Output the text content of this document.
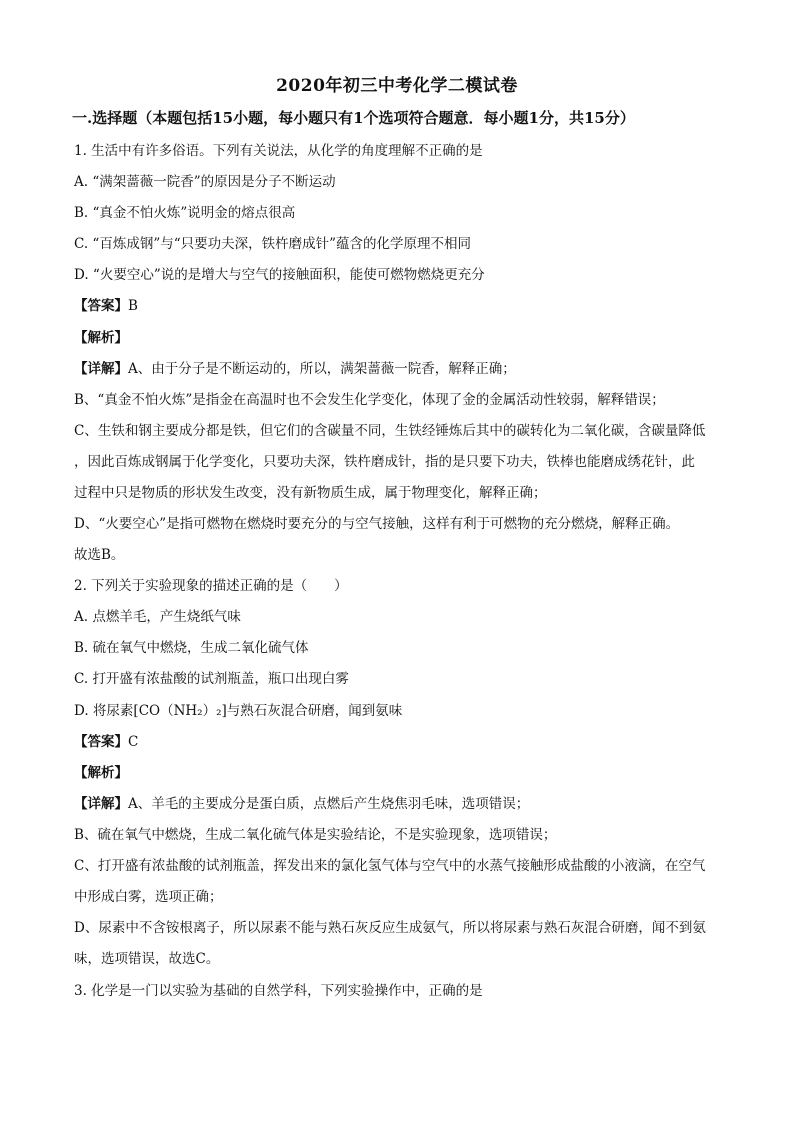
2020年初三中考化学二模试卷
一.选择题（本题包括15小题，每小题只有1个选项符合题意．每小题1分，共15分）
1. 生活中有许多俗语。下列有关说法，从化学的角度理解不正确的是
A. “满架蔷薇一院香”的原因是分子不断运动
B. “真金不怕火炼”说明金的熔点很高
C. “百炼成钢”与“只要功夫深，铁杵磨成针”蕴含的化学原理不相同
D. “火要空心”说的是增大与空气的接触面积，能使可燃物燃烧更充分
【答案】B
【解析】
【详解】A、由于分子是不断运动的，所以，满架蔷薇一院香，解释正确；
B、“真金不怕火炼”是指金在高温时也不会发生化学变化，体现了金的金属活动性较弱，解释错误；
C、生铁和钢主要成分都是铁，但它们的含碳量不同，生铁经锤炼后其中的碳转化为二氧化碳，含碳量降低
，因此百炼成钢属于化学变化，只要功夫深，铁杵磨成针，指的是只要下功夫，铁棒也能磨成绣花针，此
过程中只是物质的形状发生改变，没有新物质生成，属于物理变化，解释正确；
D、“火要空心”是指可燃物在燃烧时要充分的与空气接触，这样有利于可燃物的充分燃烧，解释正确。
故选B。
2. 下列关于实验现象的描述正确的是（　　）
A. 点燃羊毛，产生烧纸气味
B. 硫在氧气中燃烧，生成二氧化硫气体
C. 打开盛有浓盐酸的试剂瓶盖，瓶口出现白雾
D. 将尿素[CO（NH₂）₂]与熟石灰混合研磨，闻到氨味
【答案】C
【解析】
【详解】A、羊毛的主要成分是蛋白质，点燃后产生烧焦羽毛味，选项错误；
B、硫在氧气中燃烧，生成二氧化硫气体是实验结论，不是实验现象，选项错误；
C、打开盛有浓盐酸的试剂瓶盖，挥发出来的氯化氢气体与空气中的水蒸气接触形成盐酸的小液滴，在空气
中形成白雾，选项正确；
D、尿素中不含铵根离子，所以尿素不能与熟石灰反应生成氨气，所以将尿素与熟石灰混合研磨，闻不到氨
味，选项错误，故选C。
3. 化学是一门以实验为基础的自然学科，下列实验操作中，正确的是
